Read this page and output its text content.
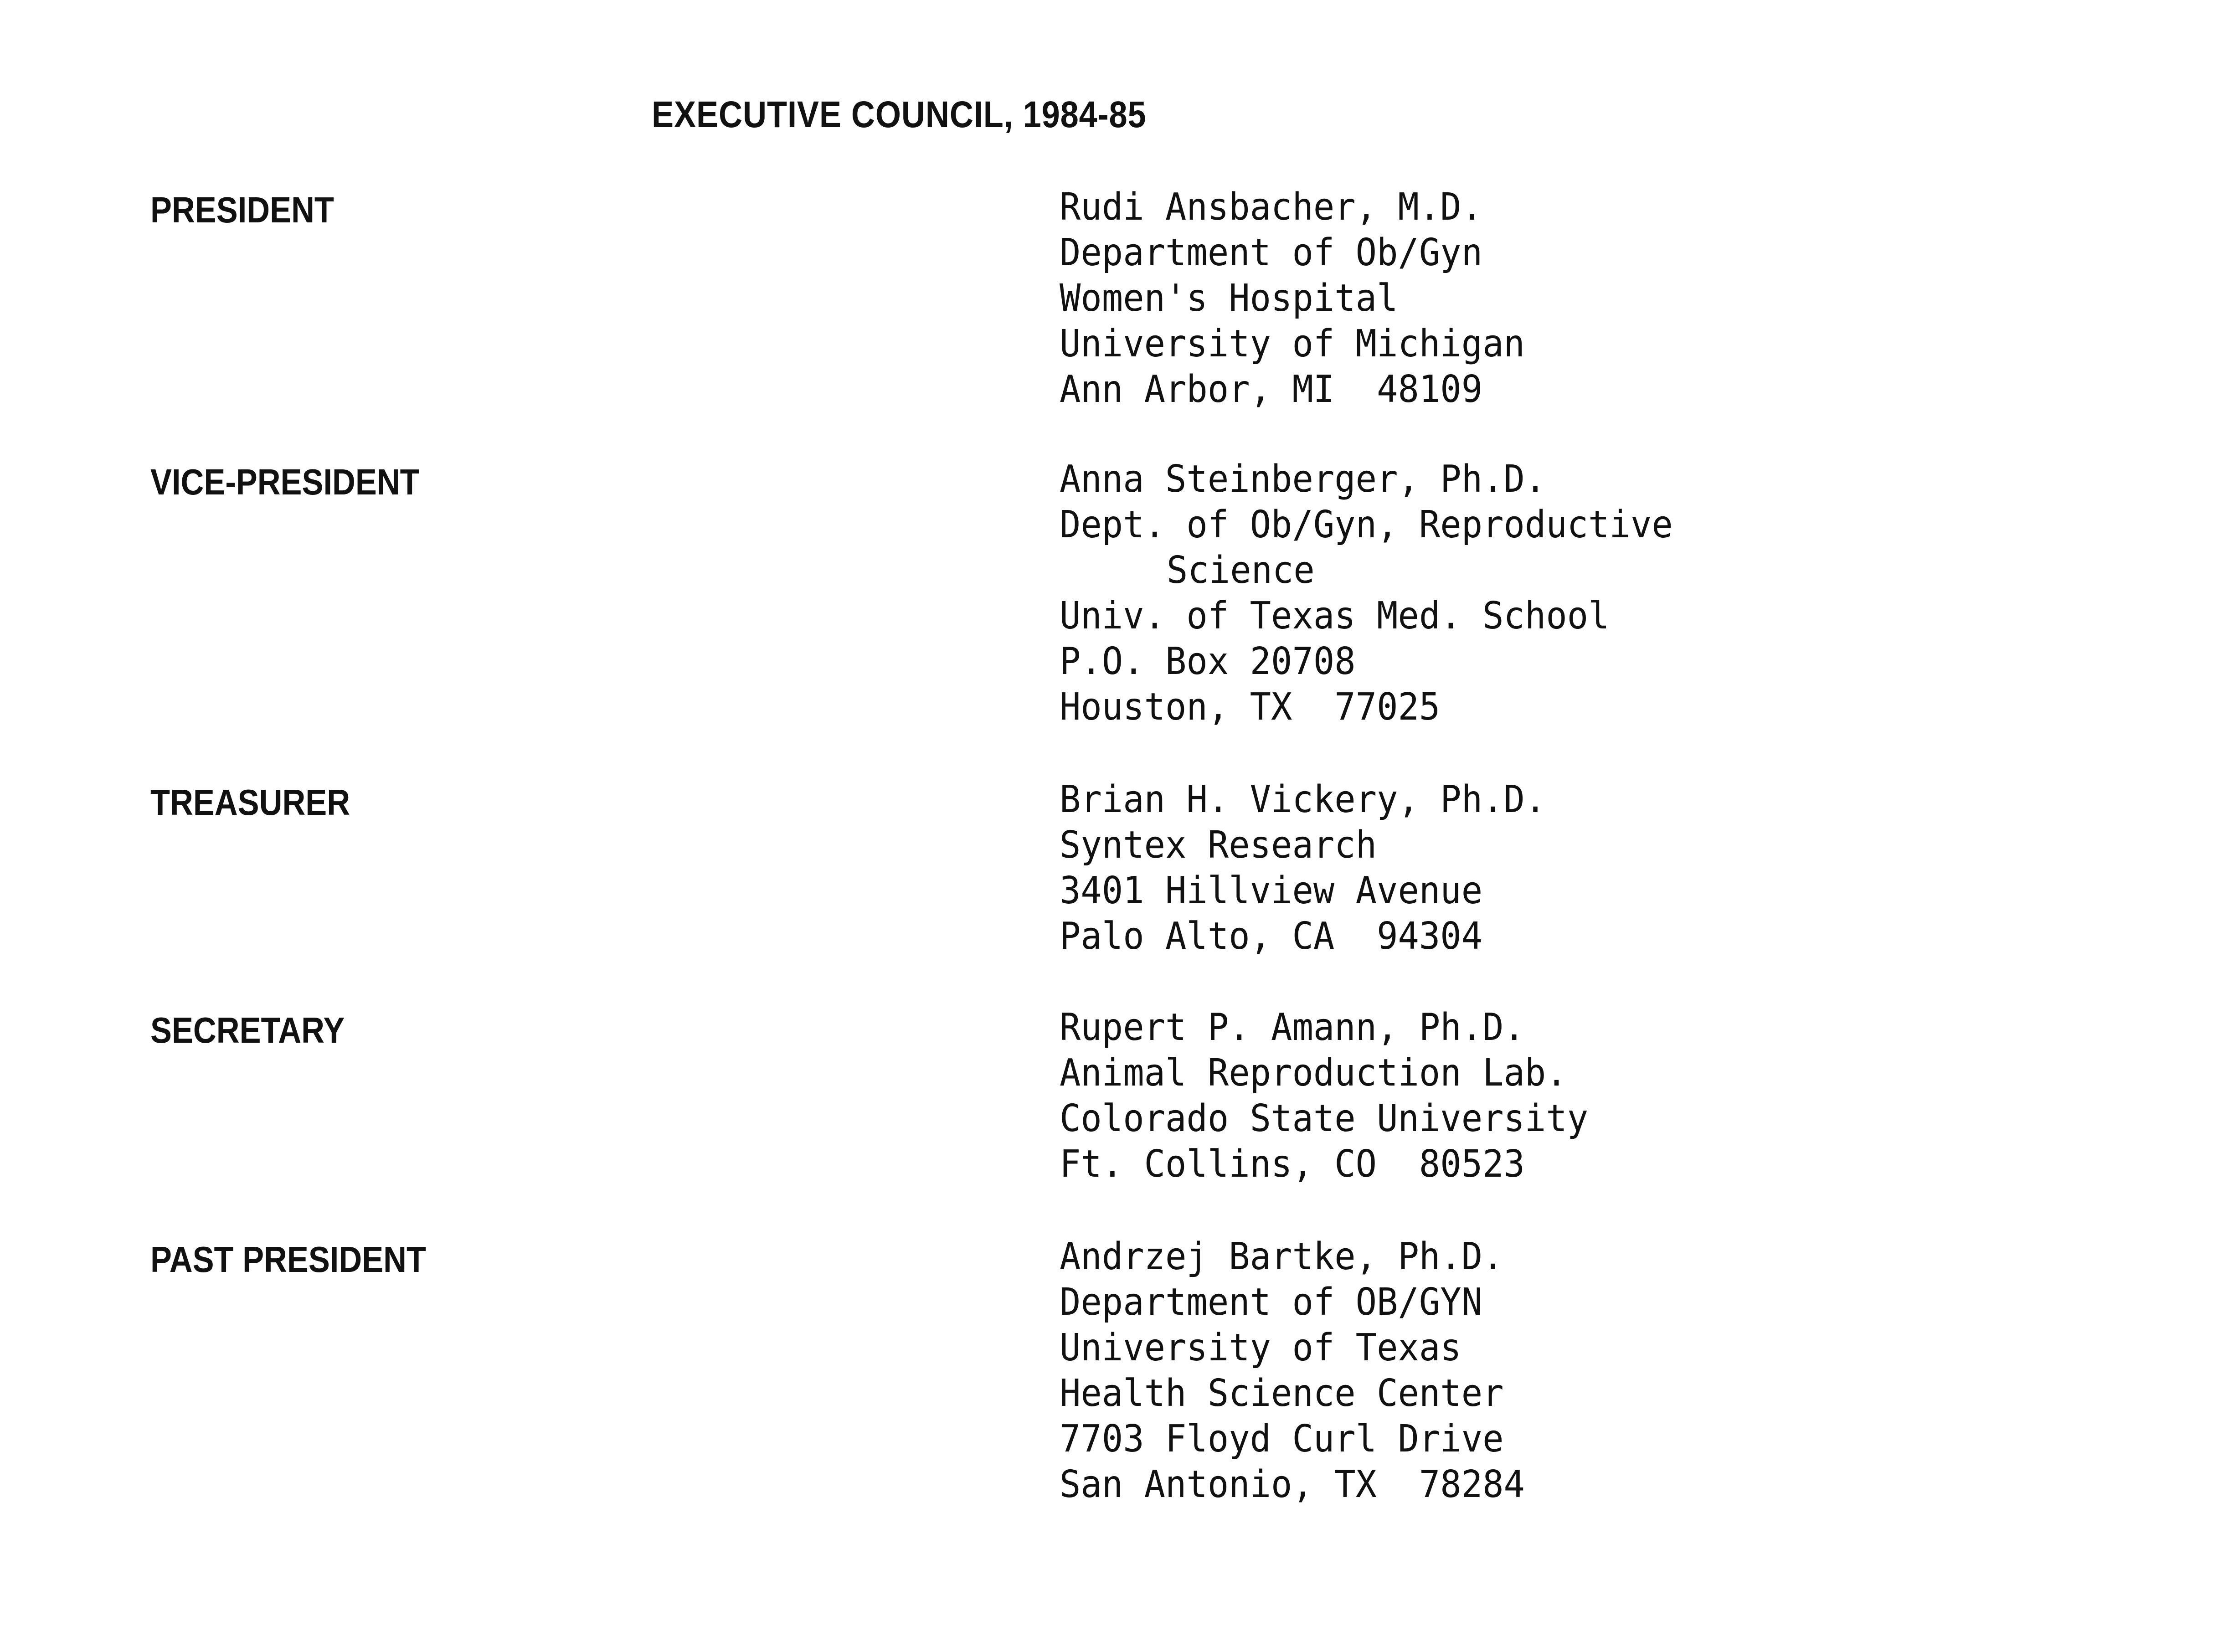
EXECUTIVE COUNCIL, 1984-85
PRESIDENT	Rudi Ansbacher, M.D.
Department of Ob/Gyn
Women's Hospital
University of Michigan
Ann Arbor, MI  48109
VICE-PRESIDENT	Anna Steinberger, Ph.D.
Dept. of Ob/Gyn, Reproductive
Science
Univ. of Texas Med. School
P.O. Box 20708
Houston, TX  77025
TREASURER	Brian H. Vickery, Ph.D.
Syntex Research
3401 Hillview Avenue
Palo Alto, CA  94304
SECRETARY	Rupert P. Amann, Ph.D.
Animal Reproduction Lab.
Colorado State University
Ft. Collins, CO  80523
PAST PRESIDENT	Andrzej Bartke, Ph.D.
Department of OB/GYN
University of Texas
Health Science Center
7703 Floyd Curl Drive
San Antonio, TX  78284
